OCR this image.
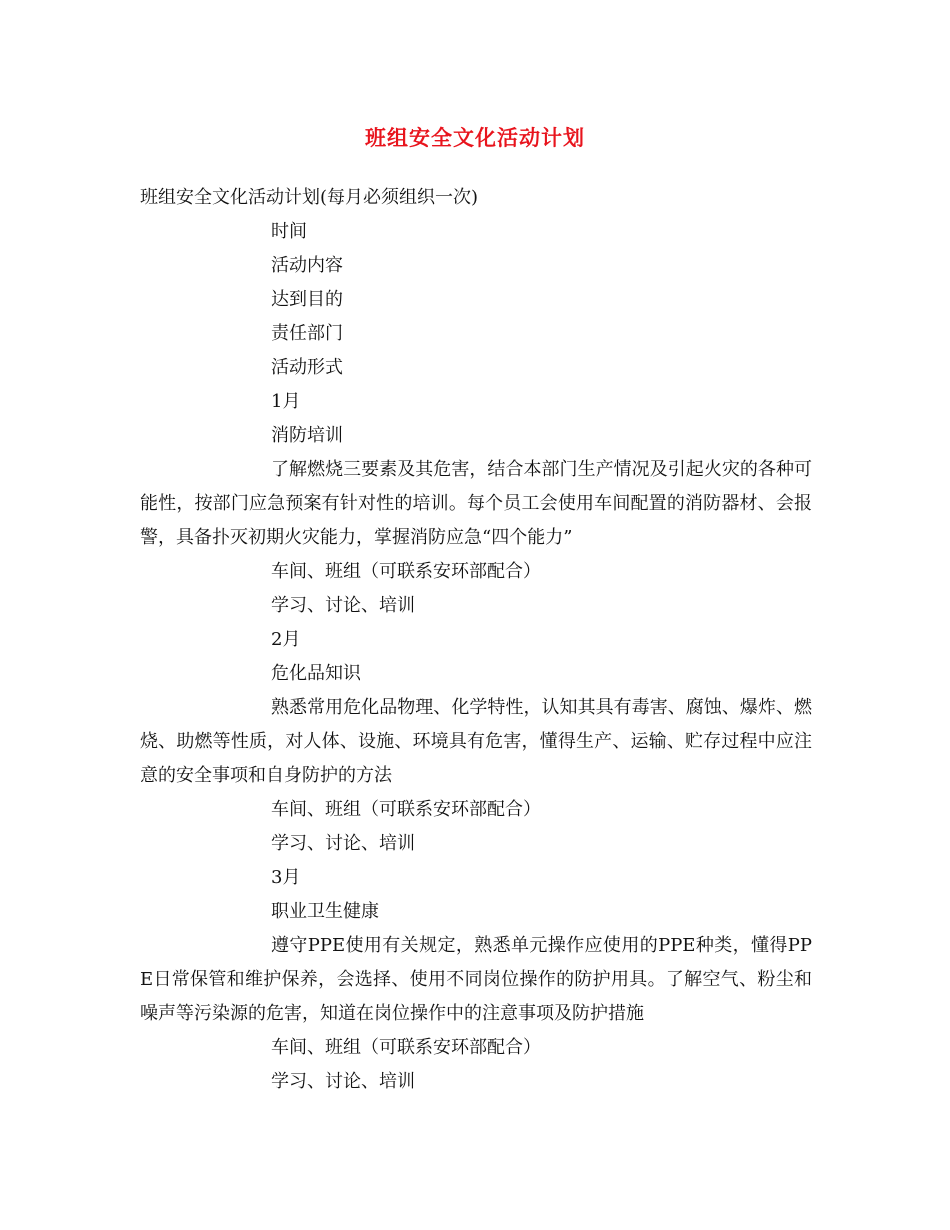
班组安全文化活动计划
班组安全文化活动计划(每月必须组织一次)
时间
活动内容
达到目的
责任部门
活动形式
1月
消防培训

了解燃烧三要素及其危害，结合本部门生产情况及引起火灾的各种可能性，按部门应急预案有针对性的培训。每个员工会使用车间配置的消防器材、会报警，具备扑灭初期火灾能力，掌握消防应急“四个能力”

车间、班组（可联系安环部配合）
学习、讨论、培训
2月
危化品知识

熟悉常用危化品物理、化学特性，认知其具有毒害、腐蚀、爆炸、燃烧、助燃等性质，对人体、设施、环境具有危害，懂得生产、运输、贮存过程中应注意的安全事项和自身防护的方法

车间、班组（可联系安环部配合）
学习、讨论、培训
3月
职业卫生健康

遵守PPE使用有关规定，熟悉单元操作应使用的PPE种类，懂得PPE日常保管和维护保养，会选择、使用不同岗位操作的防护用具。了解空气、粉尘和噪声等污染源的危害，知道在岗位操作中的注意事项及防护措施

车间、班组（可联系安环部配合）
学习、讨论、培训
